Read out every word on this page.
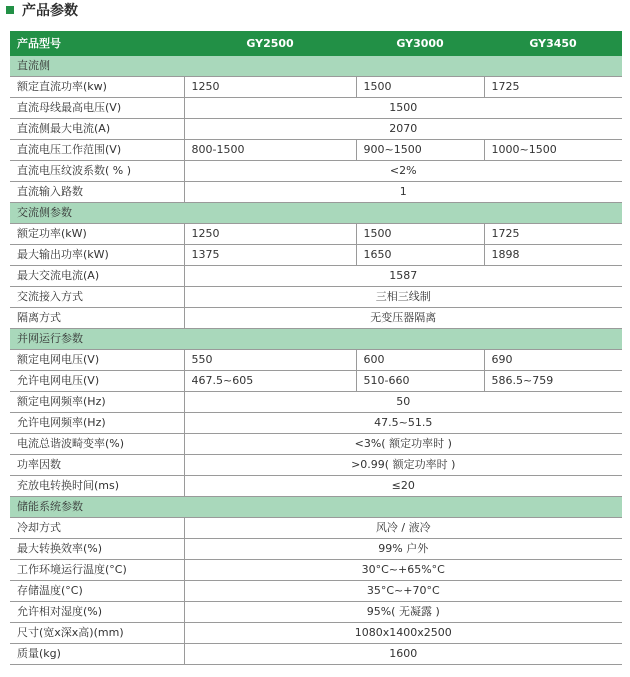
产品参数
产品型号	GY2500	GY3000	GY3450
直流侧			
额定直流功率(kw)	1250	1500	1725
直流母线最高电压(V)	1500		
直流侧最大电流(A)	2070		
直流电压工作范围(V)	800-1500	900~1500	1000~1500
直流电压纹波系数( % )	<2%		
直流输入路数	1		
交流侧参数			
额定功率(kW)	1250	1500	1725
最大输出功率(kW)	1375	1650	1898
最大交流电流(A)	1587		
交流接入方式	三相三线制		
隔离方式	无变压器隔离		
并网运行参数			
额定电网电压(V)	550	600	690
允许电网电压(V)	467.5~605	510-660	586.5~759
额定电网频率(Hz)	50		
允许电网频率(Hz)	47.5~51.5		
电流总谐波畸变率(%)	<3%( 额定功率时 )		
功率因数	>0.99( 额定功率时 )		
充放电转换时间(ms)	≤20		
储能系统参数			
冷却方式	风冷 / 液冷		
最大转换效率(%)	99% 户外		
工作环境运行温度(°C)	30°C~+65%°C		
存储温度(°C)	35°C~+70°C		
允许相对湿度(%)	95%( 无凝露 )		
尺寸(宽x深x高)(mm)	1080x1400x2500		
质量(kg)	1600		
